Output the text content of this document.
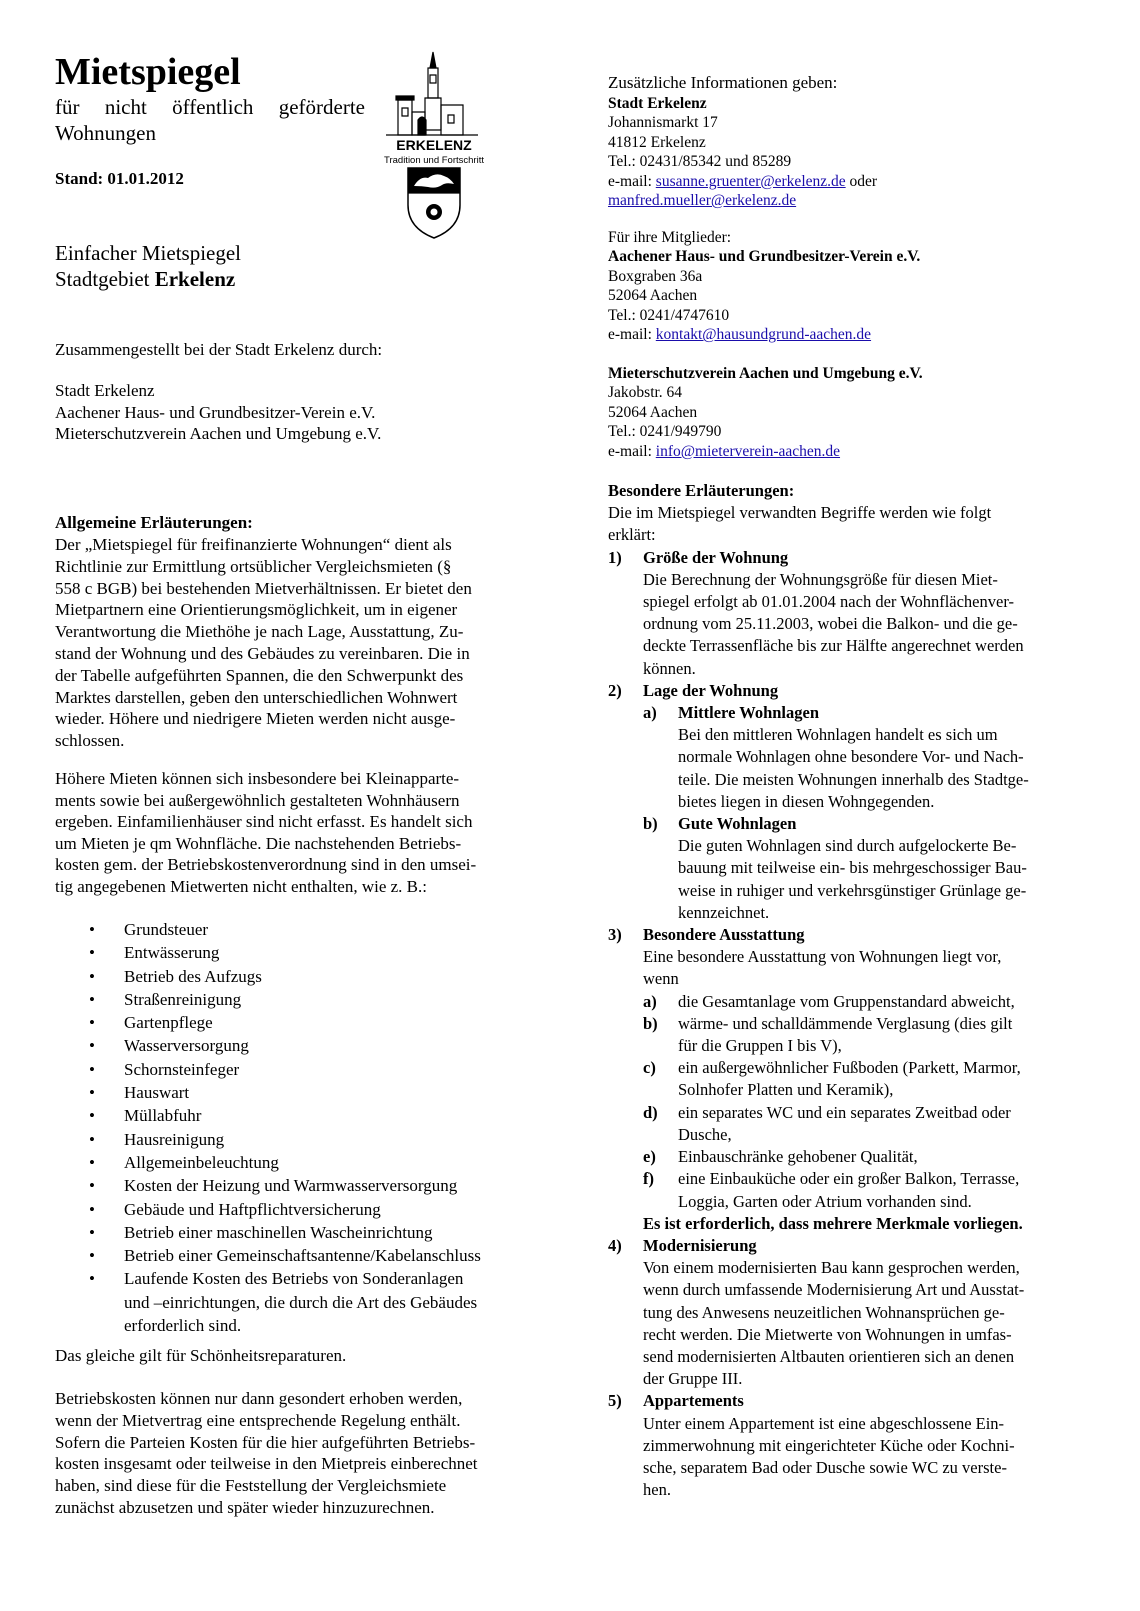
Mietspiegel
für nicht öffentlich geförderte
Wohnungen
Stand: 01.01.2012
Einfacher Mietspiegel
Stadtgebiet Erkelenz
Zusammengestellt bei der Stadt Erkelenz durch:
Stadt Erkelenz
Aachener Haus- und Grundbesitzer-Verein e.V.
Mieterschutzverein Aachen und Umgebung e.V.
Allgemeine Erläuterungen:
Der „Mietspiegel für freifinanzierte Wohnungen“ dient als
Richtlinie zur Ermittlung ortsüblicher Vergleichsmieten (§
558 c BGB) bei bestehenden Mietverhältnissen. Er bietet den
Mietpartnern eine Orientierungsmöglichkeit, um in eigener
Verantwortung die Miethöhe je nach Lage, Ausstattung, Zu-
stand der Wohnung und des Gebäudes zu vereinbaren. Die in
der Tabelle aufgeführten Spannen, die den Schwerpunkt des
Marktes darstellen, geben den unterschiedlichen Wohnwert
wieder. Höhere und niedrigere Mieten werden nicht ausge-
schlossen.
Höhere Mieten können sich insbesondere bei Kleinapparte-
ments sowie bei außergewöhnlich gestalteten Wohnhäusern
ergeben. Einfamilienhäuser sind nicht erfasst. Es handelt sich
um Mieten je qm Wohnfläche. Die nachstehenden Betriebs-
kosten gem. der Betriebskostenverordnung sind in den umsei-
tig angegebenen Mietwerten nicht enthalten, wie z. B.:
• Grundsteuer
• Entwässerung
• Betrieb des Aufzugs
• Straßenreinigung
• Gartenpflege
• Wasserversorgung
• Schornsteinfeger
• Hauswart
• Müllabfuhr
• Hausreinigung
• Allgemeinbeleuchtung
• Kosten der Heizung und Warmwasserversorgung
• Gebäude und Haftpflichtversicherung
• Betrieb einer maschinellen Wascheinrichtung
• Betrieb einer Gemeinschaftsantenne/Kabelanschluss
• Laufende Kosten des Betriebs von Sonderanlagen
und –einrichtungen, die durch die Art des Gebäudes
erforderlich sind.
Das gleiche gilt für Schönheitsreparaturen.
Betriebskosten können nur dann gesondert erhoben werden,
wenn der Mietvertrag eine entsprechende Regelung enthält.
Sofern die Parteien Kosten für die hier aufgeführten Betriebs-
kosten insgesamt oder teilweise in den Mietpreis einberechnet
haben, sind diese für die Feststellung der Vergleichsmiete
zunächst abzusetzen und später wieder hinzuzurechnen.
ERKELENZ
Tradition und Fortschritt
Zusätzliche Informationen geben:
Stadt Erkelenz
Johannismarkt 17
41812 Erkelenz
Tel.: 02431/85342 und 85289
e-mail: susanne.gruenter@erkelenz.de oder
manfred.mueller@erkelenz.de
Für ihre Mitglieder:
Aachener Haus- und Grundbesitzer-Verein e.V.
Boxgraben 36a
52064 Aachen
Tel.: 0241/4747610
e-mail: kontakt@hausundgrund-aachen.de
Mieterschutzverein Aachen und Umgebung e.V.
Jakobstr. 64
52064 Aachen
Tel.: 0241/949790
e-mail: info@mieterverein-aachen.de
Besondere Erläuterungen:
Die im Mietspiegel verwandten Begriffe werden wie folgt
erklärt:
1) Größe der Wohnung
Die Berechnung der Wohnungsgröße für diesen Miet-
spiegel erfolgt ab 01.01.2004 nach der Wohnflächenver-
ordnung vom 25.11.2003, wobei die Balkon- und die ge-
deckte Terrassenfläche bis zur Hälfte angerechnet werden
können.
2) Lage der Wohnung
a) Mittlere Wohnlagen
Bei den mittleren Wohnlagen handelt es sich um
normale Wohnlagen ohne besondere Vor- und Nach-
teile. Die meisten Wohnungen innerhalb des Stadtge-
bietes liegen in diesen Wohngegenden.
b) Gute Wohnlagen
Die guten Wohnlagen sind durch aufgelockerte Be-
bauung mit teilweise ein- bis mehrgeschossiger Bau-
weise in ruhiger und verkehrsgünstiger Grünlage ge-
kennzeichnet.
3) Besondere Ausstattung
Eine besondere Ausstattung von Wohnungen liegt vor,
wenn
a) die Gesamtanlage vom Gruppenstandard abweicht,
b) wärme- und schalldämmende Verglasung (dies gilt
für die Gruppen I bis V),
c) ein außergewöhnlicher Fußboden (Parkett, Marmor,
Solnhofer Platten und Keramik),
d) ein separates WC und ein separates Zweitbad oder
Dusche,
e) Einbauschränke gehobener Qualität,
f) eine Einbauküche oder ein großer Balkon, Terrasse,
Loggia, Garten oder Atrium vorhanden sind.
Es ist erforderlich, dass mehrere Merkmale vorliegen.
4) Modernisierung
Von einem modernisierten Bau kann gesprochen werden,
wenn durch umfassende Modernisierung Art und Ausstat-
tung des Anwesens neuzeitlichen Wohnansprüchen ge-
recht werden. Die Mietwerte von Wohnungen in umfas-
send modernisierten Altbauten orientieren sich an denen
der Gruppe III.
5) Appartements
Unter einem Appartement ist eine abgeschlossene Ein-
zimmerwohnung mit eingerichteter Küche oder Kochni-
sche, separatem Bad oder Dusche sowie WC zu verste-
hen.
